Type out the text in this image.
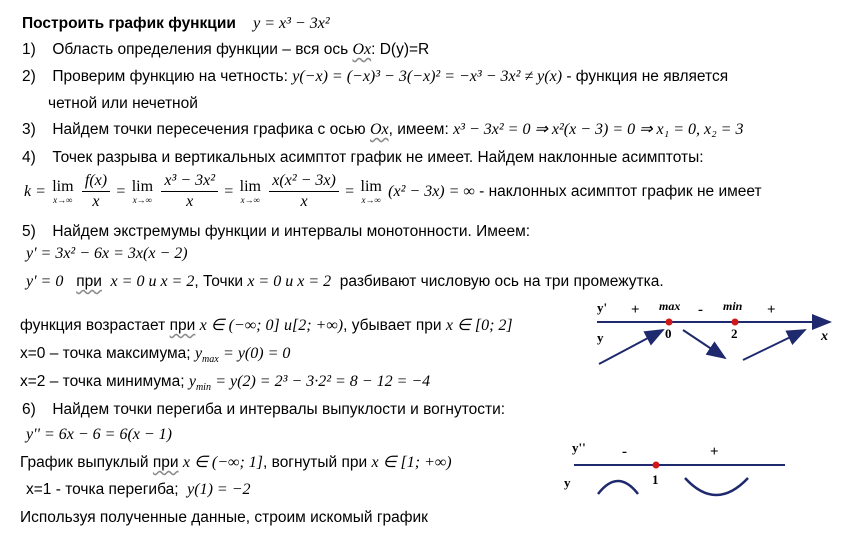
Построить график функции y = x³ − 3x²
1) Область определения функции – вся ось Ox: D(y)=R
2) Проверим функцию на четность: y(−x) = (−x)³ − 3(−x)² = −x³ − 3x² ≠ y(x) - функция не является
четной или нечетной
3) Найдем точки пересечения графика с осью Ox, имеем: x³ − 3x² = 0 ⇒ x²(x − 3) = 0 ⇒ x₁ = 0, x₂ = 3
4) Точек разрыва и вертикальных асимптот график не имеет. Найдем наклонные асимптоты:
k = lim
x→∞
$\frac{f(x)}{x} = \lim$
x→∞
$\frac{\text{x³ − 3x²}}{x} = \lim$
x→∞
$\frac{\text{x(x² − 3x)}}{x} = \lim$
x→∞ (x² − 3x) = ∞ - наклонных асимптот график не имеет
5) Найдем экстремумы функции и интервалы монотонности. Имеем:
y' = 3x² − 6x = 3x(x − 2)
y' = 0 при x = 0 и x = 2, Точки x = 0 и x = 2 разбивают числовую ось на три промежутка.
функция возрастает при x ∈ (−∞; 0] и[2; +∞), убывает при x ∈ [0; 2]
x=0 – точка максимума; $y_{max} = y(0) = 0$
x=2 – точка минимума; $y_{min} = y(2) = 2^3 - 3\cdot 2^2 = 8 - 12 = -4$
6) Найдем точки перегиба и интервалы выпуклости и вогнутости:
y'' = 6x − 6 = 6(x − 1)
График выпуклый при x ∈ (−∞; 1], вогнутый при x ∈ [1; +∞)
x=1 - точка перегиба; y(1) = −2
Используя полученные данные, строим искомый график
y' + max - min +
0	2	x
y
y'' -	+
1
y
